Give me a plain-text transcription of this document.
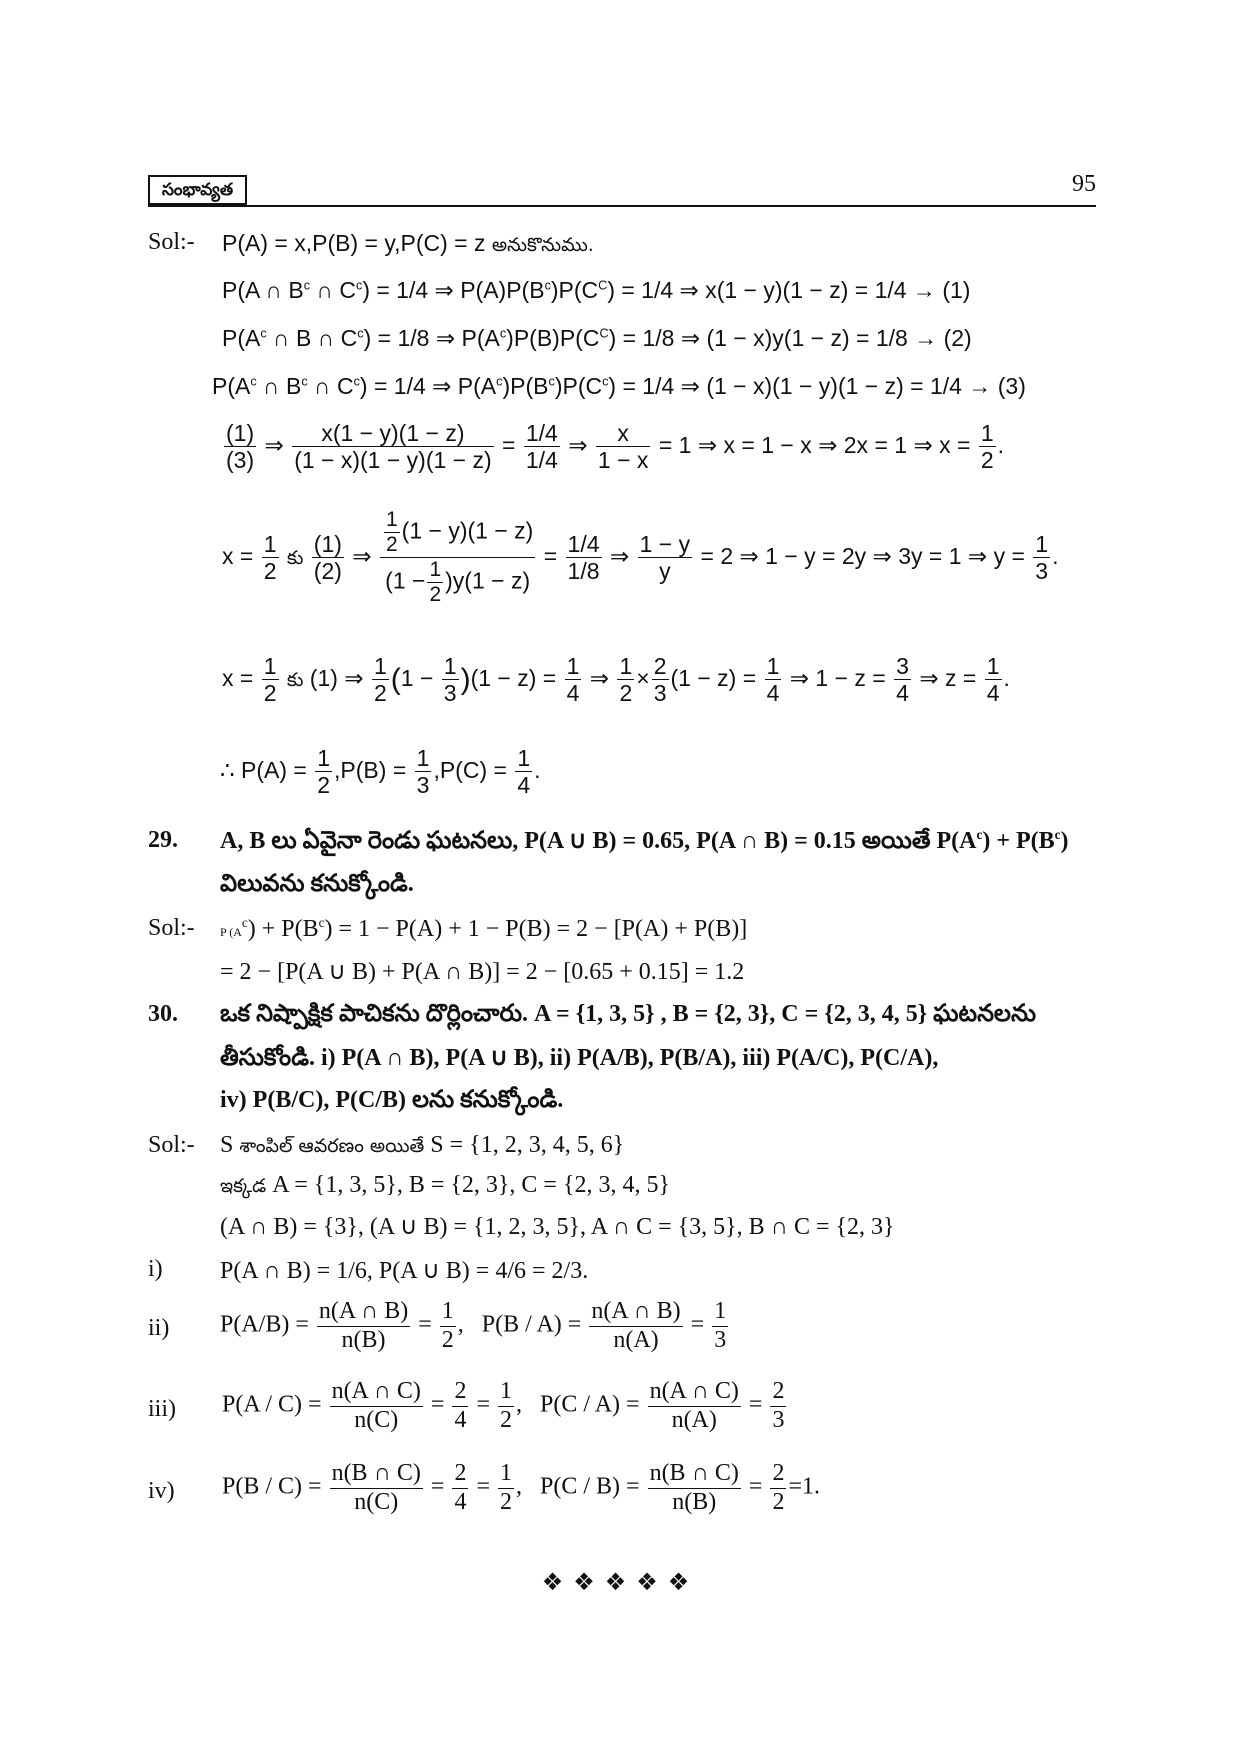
సంభావ్యత	95
Sol:- P(A) = x,P(B) = y,P(C) = z అనుకొనుము.
P(A ∩ $B^c$ ∩ $C^c) = 1/4$ ⇒ $P(A)P(B^c)P(C^C) = 1/4$ ⇒ x(1 − y)(1 − z) = 1/4 → (1)
$P(A^c$ ∩ B ∩ $C^c) = 1/8$ ⇒ $P(A^c)P(B)P(C^C) = 1/8$ ⇒ (1 − x)y(1 − z) = 1/8 → (2)
$P(A^c$ ∩ $B^c$ ∩ $C^c) = 1/4$ ⇒ $P(A^c)P(B^c)P(C^c) = 1/4$ ⇒ (1 − x)(1 − y)(1 − z) = 1/4 → (3)
$\frac{(1)}{(3)}$ ⇒ $\frac{x(1 - y)(1 - z)}{(1 - x)(1 - y)(1 - z)} = \frac{1/4}{1/4}$ ⇒ $\frac{x}{1 - x} = 1$ ⇒ x = 1 − x ⇒ 2x = 1 ⇒ $x = \frac{1}{2}$ .
$x = \frac{1}{2}$ కు $\frac{(1)}{(2)}$ ⇒ $\frac{\frac{1}{2} (1 - y)(1 - z)}{(1 - \frac{1}{2} )y(1 - z)} = \frac{1/4}{1/8}$ ⇒ $\frac{1 - y}{y} = 2$ ⇒ 1 − y = 2y ⇒ 3y = 1 ⇒ $y = \frac{1}{3}$ .
$x = \frac{1}{2}$ కు (1) ⇒ $\frac{1}{2} (1 - \frac{1}{3} )(1 - z) = \frac{1}{4}$ ⇒ $\frac{1}{2} \times \frac{2}{3} (1 - z) = \frac{1}{4}$ ⇒ $1 - z = \frac{3}{4}$ ⇒ $z = \frac{1}{4}$ .
∴ $P(A) = \frac{1}{2} ,P(B) = \frac{1}{3} ,P(C) = \frac{1}{4}$ .
29. A, B లు ఏవైనా రెండు ఘటనలు, P(A ∪ B) = 0.65, P(A ∩ B) = 0.15 అయితే $P(A^c) + P(B^c)$
విలువను కనుక్కోండి.
Sol:- P $(A^c) + P(B^c) = 1 - P(A) + 1 - P(B) = 2 - [P(A) + P(B)]$
= 2 − [P(A ∪ B) + P(A ∩ B)] = 2 − [0.65 + 0.15] = 1.2
30. ఒక నిష్పాక్షిక పాచికను దొర్లించారు. A = {1, 3, 5} , B = {2, 3}, C = {2, 3, 4, 5} ఘటనలను
తీసుకోండి. i) P(A ∩ B), P(A ∪ B), ii) P(A/B), P(B/A), iii) P(A/C), P(C/A),
iv) P(B/C), P(C/B) లను కనుక్కోండి.
Sol:- S శాంపిల్ ఆవరణం అయితే S = {1, 2, 3, 4, 5, 6}
ఇక్కడ A = {1, 3, 5}, B = {2, 3}, C = {2, 3, 4, 5}
(A ∩ B) = {3}, (A ∪ B) = {1, 2, 3, 5}, A ∩ C = {3, 5}, B ∩ C = {2, 3}
i) P(A ∩ B) = 1/6, P(A ∪ B) = 4/6 = 2/3.
ii) $P(A/B) = \frac{n(A \cap B)}{n(B)} = \frac{1}{2}$ ,   $P(B / A) = \frac{n(A \cap B)}{n(A)} = \frac{1}{3}$
iii) $P(A / C) = \frac{n(A \cap C)}{n(C)} = \frac{2}{4} = \frac{1}{2}$ ,   $P(C / A) = \frac{n(A \cap C)}{n(A)} = \frac{2}{3}$
iv) $P(B / C) = \frac{n(B \cap C)}{n(C)} = \frac{2}{4} = \frac{1}{2}$ ,   $P(C / B) = \frac{n(B \cap C)}{n(B)} = \frac{2}{2} =1$.
❖❖❖❖❖
